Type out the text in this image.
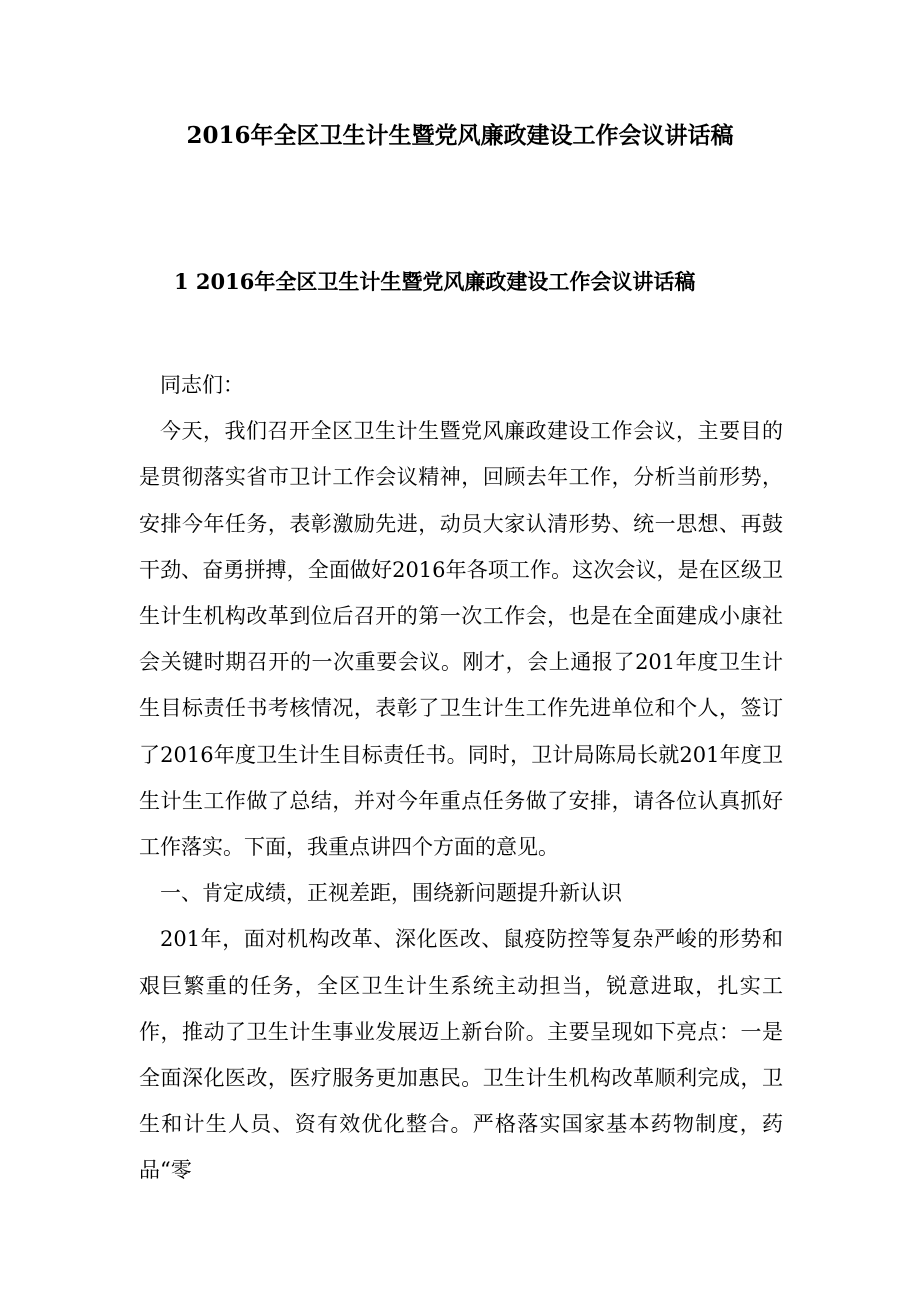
2016年全区卫生计生暨党风廉政建设工作会议讲话稿
1 2016年全区卫生计生暨党风廉政建设工作会议讲话稿

同志们：

今天，我们召开全区卫生计生暨党风廉政建设工作会议，主要目的是贯彻落实省市卫计工作会议精神，回顾去年工作，分析当前形势，安排今年任务，表彰激励先进，动员大家认清形势、统一思想、再鼓干劲、奋勇拼搏，全面做好2016年各项工作。这次会议，是在区级卫生计生机构改革到位后召开的第一次工作会，也是在全面建成小康社会关键时期召开的一次重要会议。刚才，会上通报了201年度卫生计生目标责任书考核情况，表彰了卫生计生工作先进单位和个人，签订了2016年度卫生计生目标责任书。同时，卫计局陈局长就201年度卫生计生工作做了总结，并对今年重点任务做了安排，请各位认真抓好工作落实。下面，我重点讲四个方面的意见。

一、肯定成绩，正视差距，围绕新问题提升新认识

201年，面对机构改革、深化医改、鼠疫防控等复杂严峻的形势和艰巨繁重的任务，全区卫生计生系统主动担当，锐意进取，扎实工作，推动了卫生计生事业发展迈上新台阶。主要呈现如下亮点：一是全面深化医改，医疗服务更加惠民。卫生计生机构改革顺利完成，卫生和计生人员、资有效优化整合。严格落实国家基本药物制度，药品“零
